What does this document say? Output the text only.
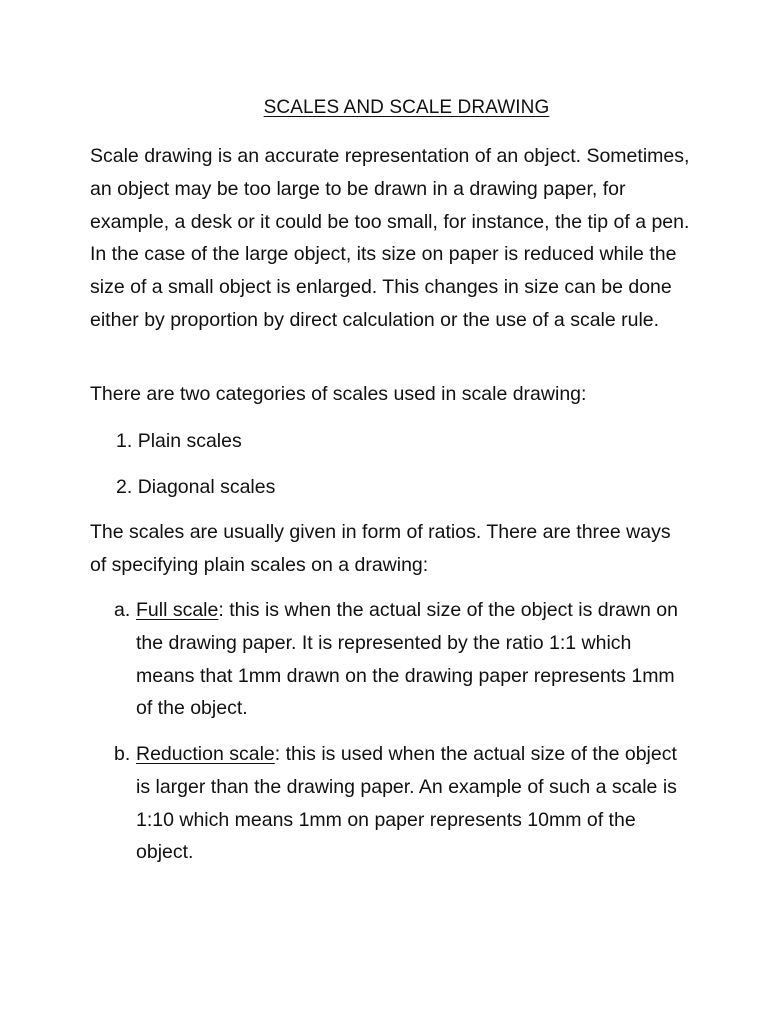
SCALES AND SCALE DRAWING
Scale drawing is an accurate representation of an object. Sometimes, an object may be too large to be drawn in a drawing paper, for example, a desk or it could be too small, for instance, the tip of a pen. In the case of the large object, its size on paper is reduced while the size of a small object is enlarged. This changes in size can be done either by proportion by direct calculation or the use of a scale rule.
There are two categories of scales used in scale drawing:
1. Plain scales
2. Diagonal scales
The scales are usually given in form of ratios. There are three ways of specifying plain scales on a drawing:
a. Full scale: this is when the actual size of the object is drawn on the drawing paper. It is represented by the ratio 1:1 which means that 1mm drawn on the drawing paper represents 1mm of the object.
b. Reduction scale: this is used when the actual size of the object is larger than the drawing paper. An example of such a scale is 1:10 which means 1mm on paper represents 10mm of the object.
